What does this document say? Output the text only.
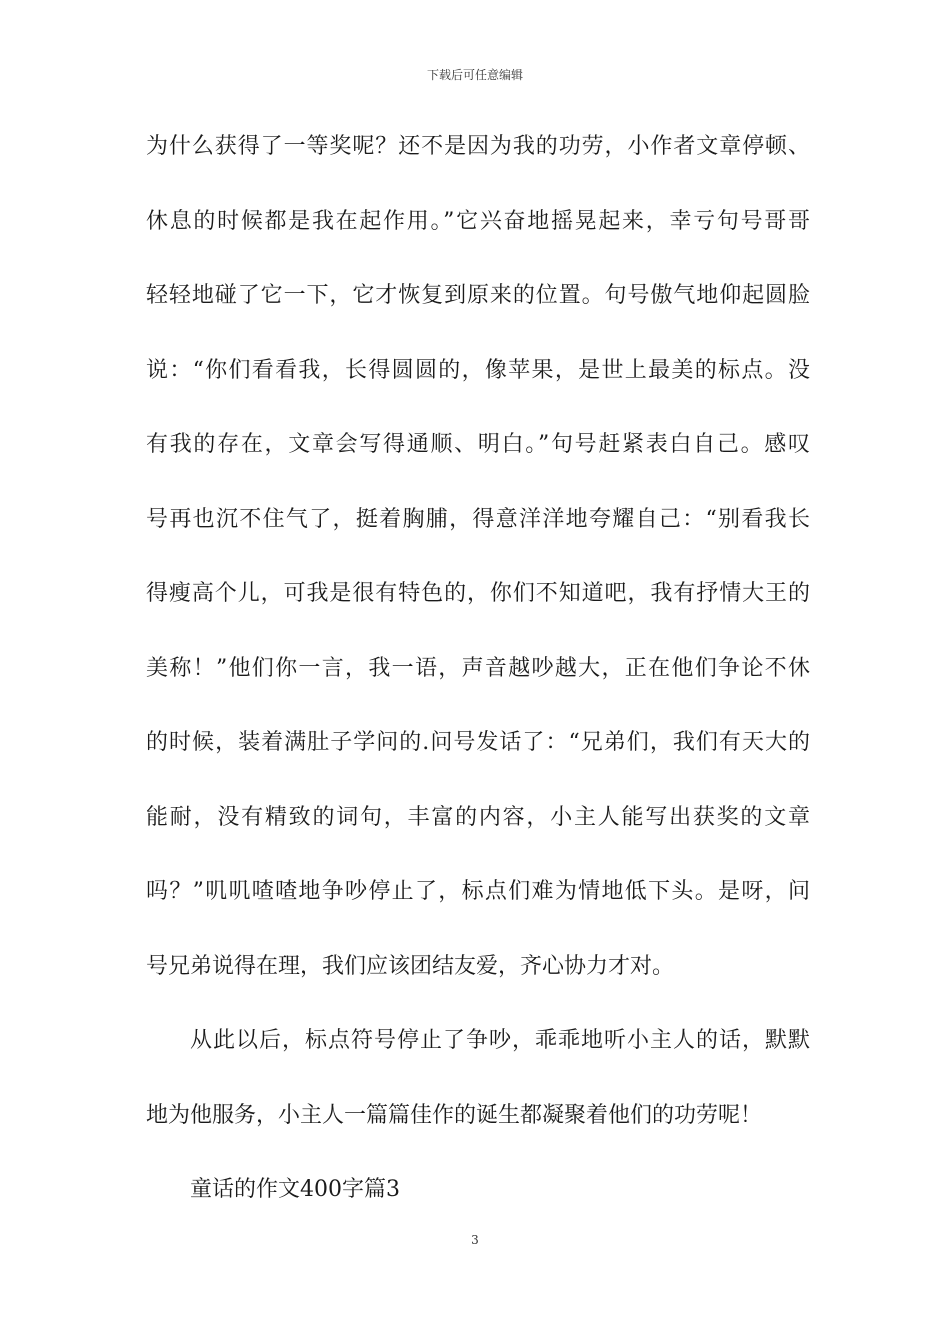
下载后可任意编辑
为什么获得了一等奖呢？还不是因为我的功劳，小作者文章停顿、
休息的时候都是我在起作用。”它兴奋地摇晃起来，幸亏句号哥哥
轻轻地碰了它一下，它才恢复到原来的位置。句号傲气地仰起圆脸
说：“你们看看我，长得圆圆的，像苹果，是世上最美的标点。没
有我的存在，文章会写得通顺、明白。”句号赶紧表白自己。感叹
号再也沉不住气了，挺着胸脯，得意洋洋地夸耀自己：“别看我长
得瘦高个儿，可我是很有特色的，你们不知道吧，我有抒情大王的
美称！”他们你一言，我一语，声音越吵越大，正在他们争论不休
的时候，装着满肚子学问的.问号发话了：“兄弟们，我们有天大的
能耐，没有精致的词句，丰富的内容，小主人能写出获奖的文章
吗？”叽叽喳喳地争吵停止了，标点们难为情地低下头。是呀，问
号兄弟说得在理，我们应该团结友爱，齐心协力才对。
从此以后，标点符号停止了争吵，乖乖地听小主人的话，默默
地为他服务，小主人一篇篇佳作的诞生都凝聚着他们的功劳呢！
童话的作文400字篇3
3
